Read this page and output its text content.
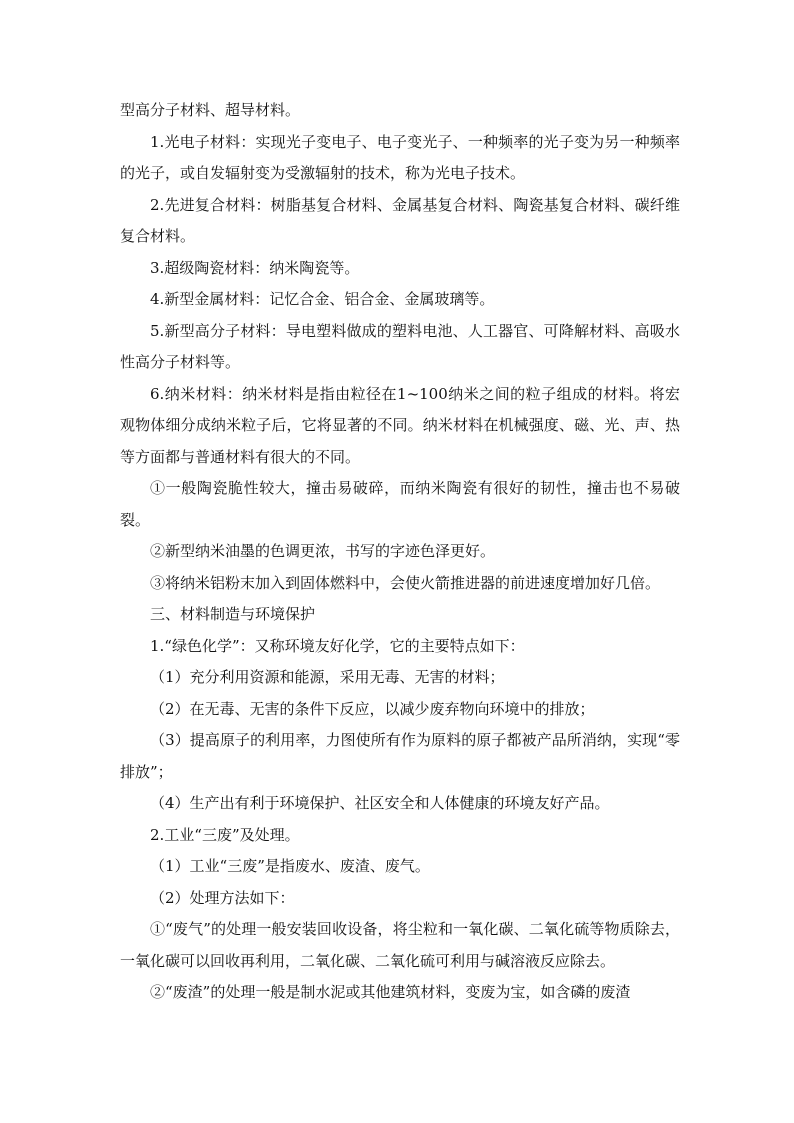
型高分子材料、超导材料。

1.光电子材料：实现光子变电子、电子变光子、一种频率的光子变为另一种频率的光子，或自发辐射变为受激辐射的技术，称为光电子技术。

2.先进复合材料：树脂基复合材料、金属基复合材料、陶瓷基复合材料、碳纤维复合材料。

3.超级陶瓷材料：纳米陶瓷等。

4.新型金属材料：记忆合金、铝合金、金属玻璃等。

5.新型高分子材料：导电塑料做成的塑料电池、人工器官、可降解材料、高吸水性高分子材料等。

6.纳米材料：纳米材料是指由粒径在1~100纳米之间的粒子组成的材料。将宏观物体细分成纳米粒子后，它将显著的不同。纳米材料在机械强度、磁、光、声、热等方面都与普通材料有很大的不同。

①一般陶瓷脆性较大，撞击易破碎，而纳米陶瓷有很好的韧性，撞击也不易破裂。

②新型纳米油墨的色调更浓，书写的字迹色泽更好。

③将纳米铝粉末加入到固体燃料中，会使火箭推进器的前进速度增加好几倍。

三、材料制造与环境保护

1.“绿色化学”：又称环境友好化学，它的主要特点如下：

（1）充分利用资源和能源，采用无毒、无害的材料；

（2）在无毒、无害的条件下反应，以减少废弃物向环境中的排放；

（3）提高原子的利用率，力图使所有作为原料的原子都被产品所消纳，实现“零排放”；

（4）生产出有利于环境保护、社区安全和人体健康的环境友好产品。

2.工业“三废”及处理。

（1）工业“三废”是指废水、废渣、废气。

（2）处理方法如下：

①“废气”的处理一般安装回收设备，将尘粒和一氧化碳、二氧化硫等物质除去，一氧化碳可以回收再利用，二氧化碳、二氧化硫可利用与碱溶液反应除去。

②“废渣”的处理一般是制水泥或其他建筑材料，变废为宝，如含磷的废渣
